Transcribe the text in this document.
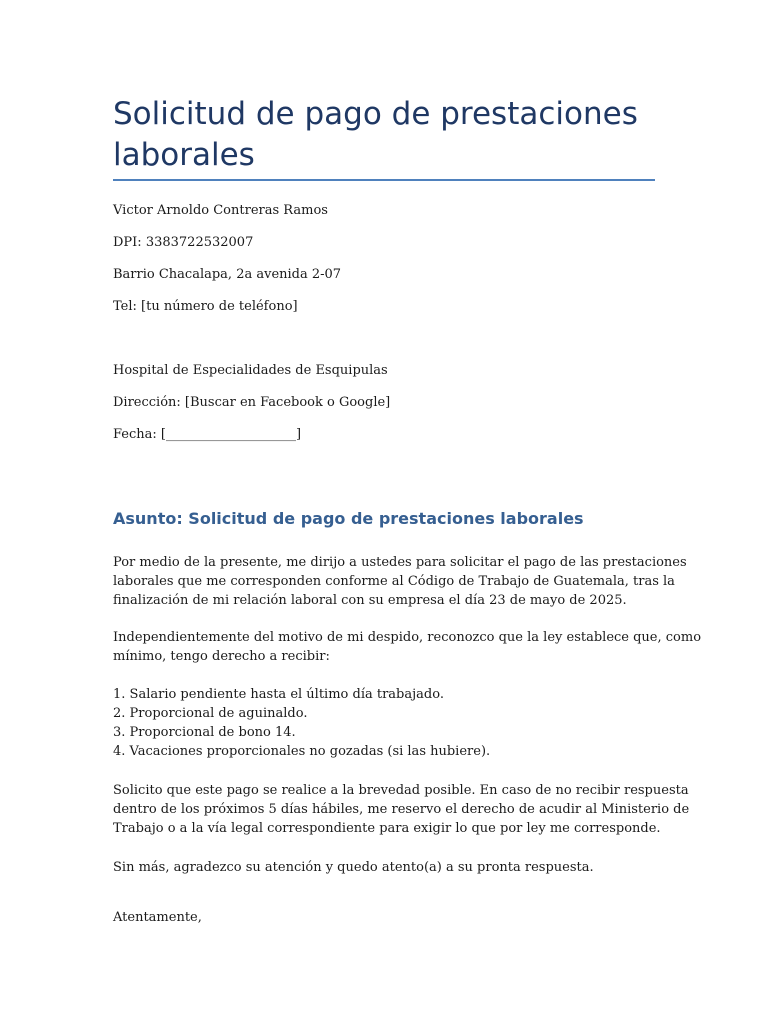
Solicitud de pago de prestaciones
laborales

Victor Arnoldo Contreras Ramos

DPI: 3383722532007

Barrio Chacalapa, 2a avenida 2-07

Tel: [tu número de teléfono]

Hospital de Especialidades de Esquipulas

Dirección: [Buscar en Facebook o Google]

Fecha: [____________________]

Asunto: Solicitud de pago de prestaciones laborales
Por medio de la presente, me dirijo a ustedes para solicitar el pago de las prestaciones
laborales que me corresponden conforme al Código de Trabajo de Guatemala, tras la
finalización de mi relación laboral con su empresa el día 23 de mayo de 2025.
Independientemente del motivo de mi despido, reconozco que la ley establece que, como
mínimo, tengo derecho a recibir:
1. Salario pendiente hasta el último día trabajado.
2. Proporcional de aguinaldo.
3. Proporcional de bono 14.
4. Vacaciones proporcionales no gozadas (si las hubiere).
Solicito que este pago se realice a la brevedad posible. En caso de no recibir respuesta
dentro de los próximos 5 días hábiles, me reservo el derecho de acudir al Ministerio de
Trabajo o a la vía legal correspondiente para exigir lo que por ley me corresponde.

Sin más, agradezco su atención y quedo atento(a) a su pronta respuesta.

Atentamente,
